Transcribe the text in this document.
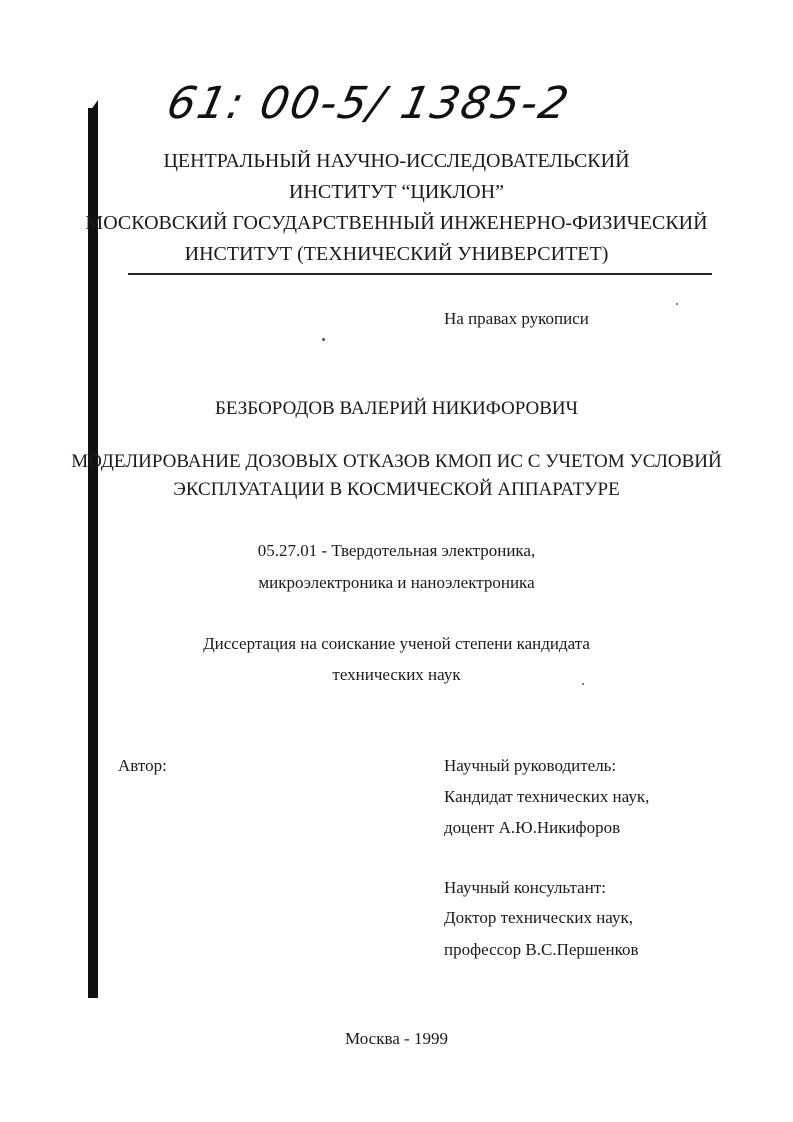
61: 00-5/ 1385-2
ЦЕНТРАЛЬНЫЙ НАУЧНО-ИССЛЕДОВАТЕЛЬСКИЙ
ИНСТИТУТ “ЦИКЛОН”
МОСКОВСКИЙ ГОСУДАРСТВЕННЫЙ ИНЖЕНЕРНО-ФИЗИЧЕСКИЙ
ИНСТИТУТ (ТЕХНИЧЕСКИЙ УНИВЕРСИТЕТ)
На правах рукописи
БЕЗБОРОДОВ ВАЛЕРИЙ НИКИФОРОВИЧ
МОДЕЛИРОВАНИЕ ДОЗОВЫХ ОТКАЗОВ КМОП ИС С УЧЕТОМ УСЛОВИЙ
ЭКСПЛУАТАЦИИ В КОСМИЧЕСКОЙ АППАРАТУРЕ
05.27.01 - Твердотельная электроника,
микроэлектроника и наноэлектроника
Диссертация на соискание ученой степени кандидата
технических наук
Автор:	Научный руководитель:
Кандидат технических наук,
доцент А.Ю.Никифоров
Научный консультант:
Доктор технических наук,
профессор В.С.Першенков
Москва - 1999
